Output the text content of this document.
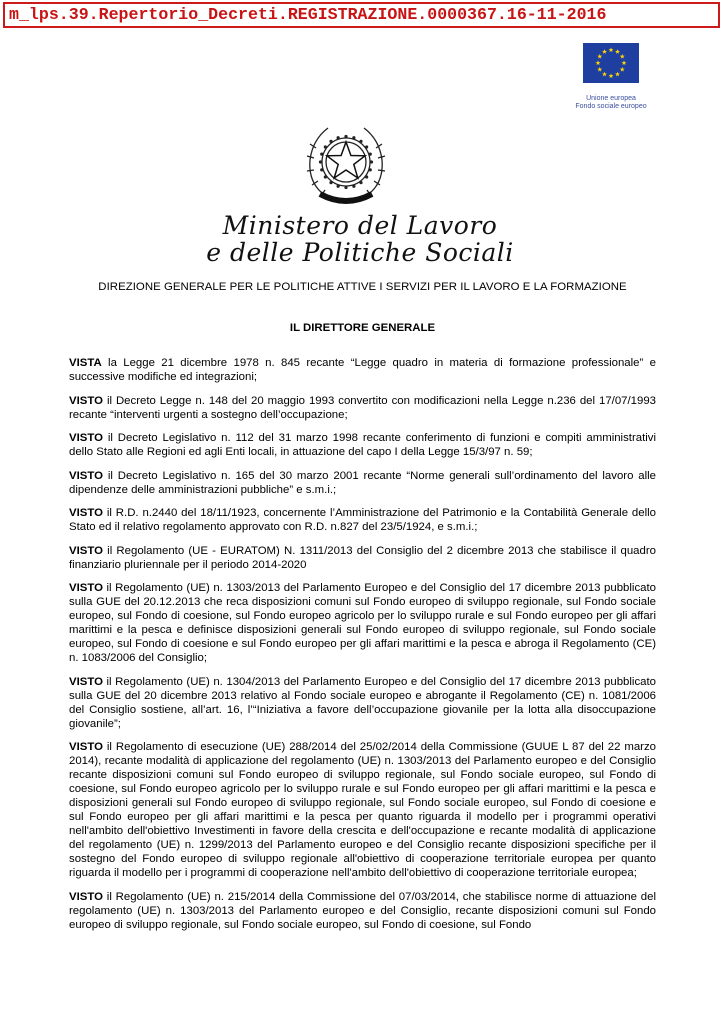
m_lps.39.Repertorio_Decreti.REGISTRAZIONE.0000367.16-11-2016
Unione europea
Fondo sociale europeo
Ministero del Lavoro
e delle Politiche Sociali
DIREZIONE GENERALE PER LE POLITICHE ATTIVE I SERVIZI PER IL LAVORO E LA FORMAZIONE
IL DIRETTORE GENERALE

VISTA la Legge 21 dicembre 1978 n. 845 recante “Legge quadro in materia di formazione professionale” e successive modifiche ed integrazioni;

VISTO il Decreto Legge n. 148 del 20 maggio 1993 convertito con modificazioni nella Legge n.236 del 17/07/1993 recante “interventi urgenti a sostegno dell’occupazione;

VISTO il Decreto Legislativo n. 112 del 31 marzo 1998 recante conferimento di funzioni e compiti amministrativi dello Stato alle Regioni ed agli Enti locali, in attuazione del capo I della Legge 15/3/97 n. 59;

VISTO il Decreto Legislativo n. 165 del 30 marzo 2001 recante “Norme generali sull’ordinamento del lavoro alle dipendenze delle amministrazioni pubbliche” e s.m.i.;

VISTO il R.D. n.2440 del 18/11/1923, concernente l’Amministrazione del Patrimonio e la Contabilità Generale dello Stato ed il relativo regolamento approvato con R.D. n.827 del 23/5/1924, e s.m.i.;

VISTO il Regolamento (UE - EURATOM) N. 1311/2013 del Consiglio del 2 dicembre 2013 che stabilisce il quadro finanziario pluriennale per il periodo 2014-2020

VISTO il Regolamento (UE) n. 1303/2013 del Parlamento Europeo e del Consiglio del 17 dicembre 2013 pubblicato sulla GUE del 20.12.2013 che reca disposizioni comuni sul Fondo europeo di sviluppo regionale, sul Fondo sociale europeo, sul Fondo di coesione, sul Fondo europeo agricolo per lo sviluppo rurale e sul Fondo europeo per gli affari marittimi e la pesca e definisce disposizioni generali sul Fondo europeo di sviluppo regionale, sul Fondo sociale europeo, sul Fondo di coesione e sul Fondo europeo per gli affari marittimi e la pesca e abroga il Regolamento (CE) n. 1083/2006 del Consiglio;

VISTO il Regolamento (UE) n. 1304/2013 del Parlamento Europeo e del Consiglio del 17 dicembre 2013 pubblicato sulla GUE del 20 dicembre 2013 relativo al Fondo sociale europeo e abrogante il Regolamento (CE) n. 1081/2006 del Consiglio sostiene, all’art. 16, l’“Iniziativa a favore dell’occupazione giovanile per la lotta alla disoccupazione giovanile”;

VISTO il Regolamento di esecuzione (UE) 288/2014 del 25/02/2014 della Commissione (GUUE L 87 del 22 marzo 2014), recante modalità di applicazione del regolamento (UE) n. 1303/2013 del Parlamento europeo e del Consiglio recante disposizioni comuni sul Fondo europeo di sviluppo regionale, sul Fondo sociale europeo, sul Fondo di coesione, sul Fondo europeo agricolo per lo sviluppo rurale e sul Fondo europeo per gli affari marittimi e la pesca e disposizioni generali sul Fondo europeo di sviluppo regionale, sul Fondo sociale europeo, sul Fondo di coesione e sul Fondo europeo per gli affari marittimi e la pesca per quanto riguarda il modello per i programmi operativi nell'ambito dell'obiettivo Investimenti in favore della crescita e dell'occupazione e recante modalità di applicazione del regolamento (UE) n. 1299/2013 del Parlamento europeo e del Consiglio recante disposizioni specifiche per il sostegno del Fondo europeo di sviluppo regionale all'obiettivo di cooperazione territoriale europea per quanto riguarda il modello per i programmi di cooperazione nell'ambito dell'obiettivo di cooperazione territoriale europea;

VISTO il Regolamento (UE) n. 215/2014 della Commissione del 07/03/2014, che stabilisce norme di attuazione del regolamento (UE) n. 1303/2013 del Parlamento europeo e del Consiglio, recante disposizioni comuni sul Fondo europeo di sviluppo regionale, sul Fondo sociale europeo, sul Fondo di coesione, sul Fondo
